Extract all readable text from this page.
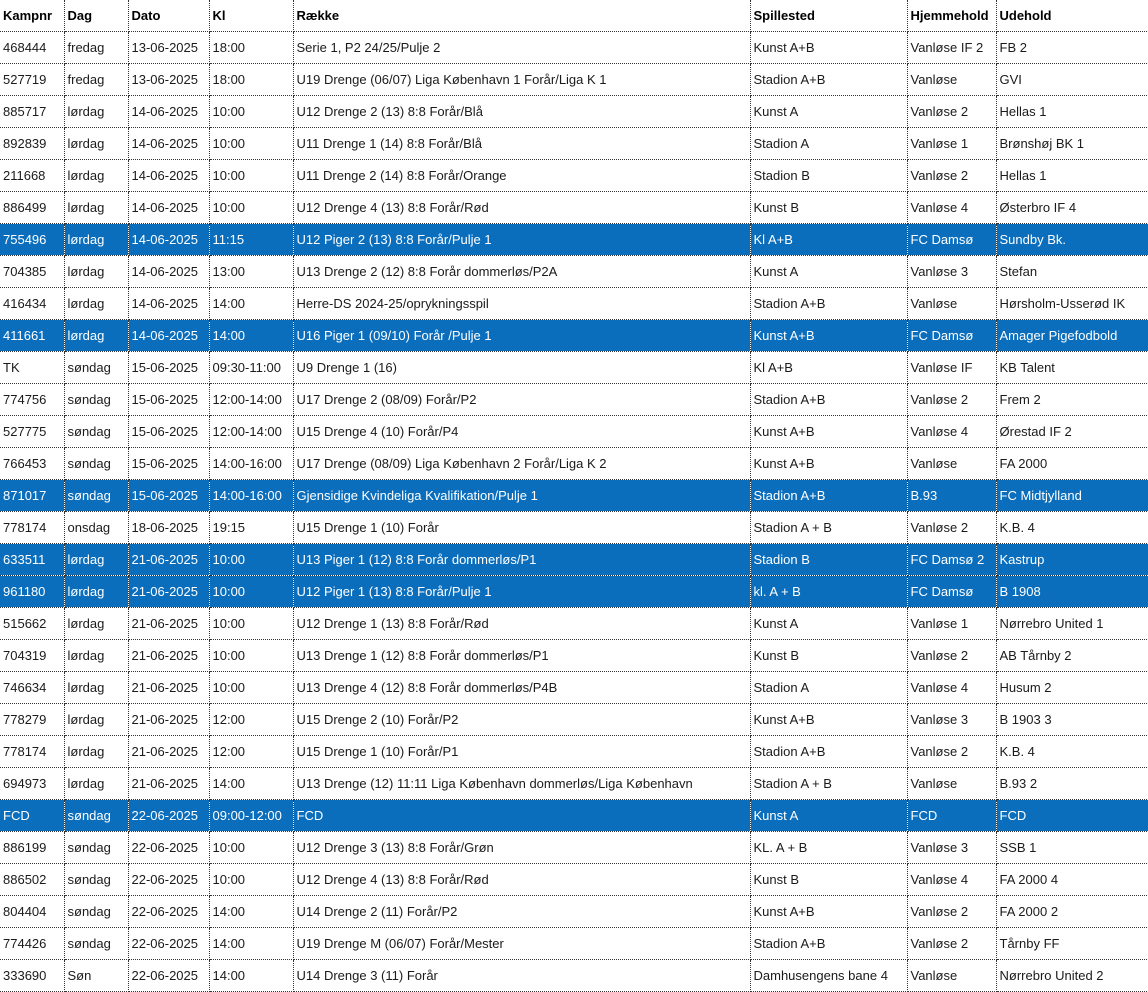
Kampnr	Dag	Dato	Kl	Række	Spillested	Hjemmehold	Udehold
468444	fredag	13-06-2025	18:00	Serie 1, P2 24/25/Pulje 2	Kunst A+B	Vanløse IF 2	FB 2
527719	fredag	13-06-2025	18:00	U19 Drenge (06/07) Liga København 1 Forår/Liga K 1	Stadion A+B	Vanløse	GVI
885717	lørdag	14-06-2025	10:00	U12 Drenge 2 (13) 8:8 Forår/Blå	Kunst A	Vanløse 2	Hellas 1
892839	lørdag	14-06-2025	10:00	U11 Drenge 1 (14) 8:8 Forår/Blå	Stadion A	Vanløse 1	Brønshøj BK 1
211668	lørdag	14-06-2025	10:00	U11 Drenge 2 (14) 8:8 Forår/Orange	Stadion B	Vanløse 2	Hellas 1
886499	lørdag	14-06-2025	10:00	U12 Drenge 4 (13) 8:8 Forår/Rød	Kunst B	Vanløse 4	Østerbro IF 4
755496	lørdag	14-06-2025	11:15	U12 Piger 2 (13) 8:8 Forår/Pulje 1	Kl A+B	FC Damsø	Sundby Bk.
704385	lørdag	14-06-2025	13:00	U13 Drenge 2 (12) 8:8 Forår dommerløs/P2A	Kunst A	Vanløse 3	Stefan
416434	lørdag	14-06-2025	14:00	Herre-DS 2024-25/oprykningsspil	Stadion A+B	Vanløse	Hørsholm-Usserød IK
411661	lørdag	14-06-2025	14:00	U16 Piger 1 (09/10) Forår /Pulje 1	Kunst A+B	FC Damsø	Amager Pigefodbold
TK	søndag	15-06-2025	09:30-11:00	U9 Drenge 1 (16)	Kl A+B	Vanløse IF	KB Talent
774756	søndag	15-06-2025	12:00-14:00	U17 Drenge 2 (08/09) Forår/P2	Stadion A+B	Vanløse 2	Frem 2
527775	søndag	15-06-2025	12:00-14:00	U15 Drenge 4 (10) Forår/P4	Kunst A+B	Vanløse 4	Ørestad IF 2
766453	søndag	15-06-2025	14:00-16:00	U17 Drenge (08/09) Liga København 2 Forår/Liga K 2	Kunst A+B	Vanløse	FA 2000
871017	søndag	15-06-2025	14:00-16:00	Gjensidige Kvindeliga Kvalifikation/Pulje 1	Stadion A+B	B.93	FC Midtjylland
778174	onsdag	18-06-2025	19:15	U15 Drenge 1 (10) Forår	Stadion A + B	Vanløse 2	K.B. 4
633511	lørdag	21-06-2025	10:00	U13 Piger 1 (12) 8:8 Forår dommerløs/P1	Stadion B	FC Damsø 2	Kastrup
961180	lørdag	21-06-2025	10:00	U12 Piger 1 (13) 8:8 Forår/Pulje 1	kl. A + B	FC Damsø	B 1908
515662	lørdag	21-06-2025	10:00	U12 Drenge 1 (13) 8:8 Forår/Rød	Kunst A	Vanløse 1	Nørrebro United 1
704319	lørdag	21-06-2025	10:00	U13 Drenge 1 (12) 8:8 Forår dommerløs/P1	Kunst B	Vanløse 2	AB Tårnby 2
746634	lørdag	21-06-2025	10:00	U13 Drenge 4 (12) 8:8 Forår dommerløs/P4B	Stadion A	Vanløse 4	Husum 2
778279	lørdag	21-06-2025	12:00	U15 Drenge 2 (10) Forår/P2	Kunst A+B	Vanløse 3	B 1903 3
778174	lørdag	21-06-2025	12:00	U15 Drenge 1 (10) Forår/P1	Stadion A+B	Vanløse 2	K.B. 4
694973	lørdag	21-06-2025	14:00	U13 Drenge (12) 11:11 Liga København dommerløs/Liga København	Stadion A + B	Vanløse	B.93 2
FCD	søndag	22-06-2025	09:00-12:00	FCD	Kunst A	FCD	FCD
886199	søndag	22-06-2025	10:00	U12 Drenge 3 (13) 8:8 Forår/Grøn	KL. A + B	Vanløse 3	SSB 1
886502	søndag	22-06-2025	10:00	U12 Drenge 4 (13) 8:8 Forår/Rød	Kunst B	Vanløse 4	FA 2000 4
804404	søndag	22-06-2025	14:00	U14 Drenge 2 (11) Forår/P2	Kunst A+B	Vanløse 2	FA 2000 2
774426	søndag	22-06-2025	14:00	U19 Drenge M (06/07) Forår/Mester	Stadion A+B	Vanløse 2	Tårnby FF
333690	Søn	22-06-2025	14:00	U14 Drenge 3 (11) Forår	Damhusengens bane 4	Vanløse	Nørrebro United 2
